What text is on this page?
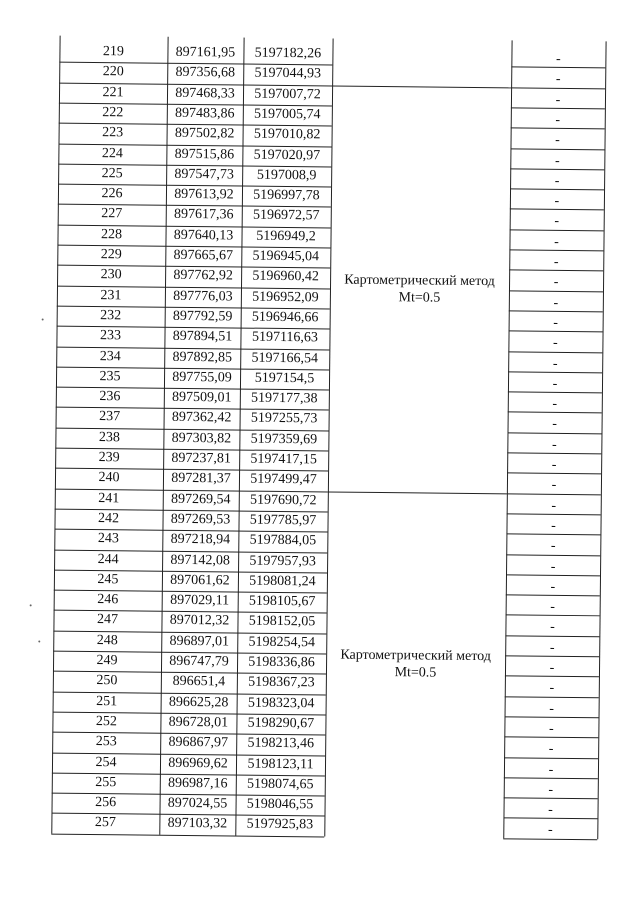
219	897161,95	5197182,26	-
220	897356,68	5197044,93	-
221	897468,33	5197007,72	-
222	897483,86	5197005,74	-
223	897502,82	5197010,82	-
224	897515,86	5197020,97	-
225	897547,73	5197008,9	-
226	897613,92	5196997,78	-
227	897617,36	5196972,57	-
228	897640,13	5196949,2	-
229	897665,67	5196945,04	-
230	897762,92	5196960,42	-
231	897776,03	5196952,09	-
232	897792,59	5196946,66	-
233	897894,51	5197116,63	-
234	897892,85	5197166,54	-
235	897755,09	5197154,5	-
236	897509,01	5197177,38	-
237	897362,42	5197255,73	-
238	897303,82	5197359,69	-
239	897237,81	5197417,15	-
240	897281,37	5197499,47	-
241	897269,54	5197690,72	-
242	897269,53	5197785,97	-
243	897218,94	5197884,05	-
244	897142,08	5197957,93	-
245	897061,62	5198081,24	-
246	897029,11	5198105,67	-
247	897012,32	5198152,05	-
248	896897,01	5198254,54	-
249	896747,79	5198336,86	-
250	896651,4	5198367,23	-
251	896625,28	5198323,04	-
252	896728,01	5198290,67	-
253	896867,97	5198213,46	-
254	896969,62	5198123,11	-
255	896987,16	5198074,65	-
256	897024,55	5198046,55	-
257	897103,32	5197925,83	-
Картометрический метод
Mt=0.5
Картометрический метод
Mt=0.5
